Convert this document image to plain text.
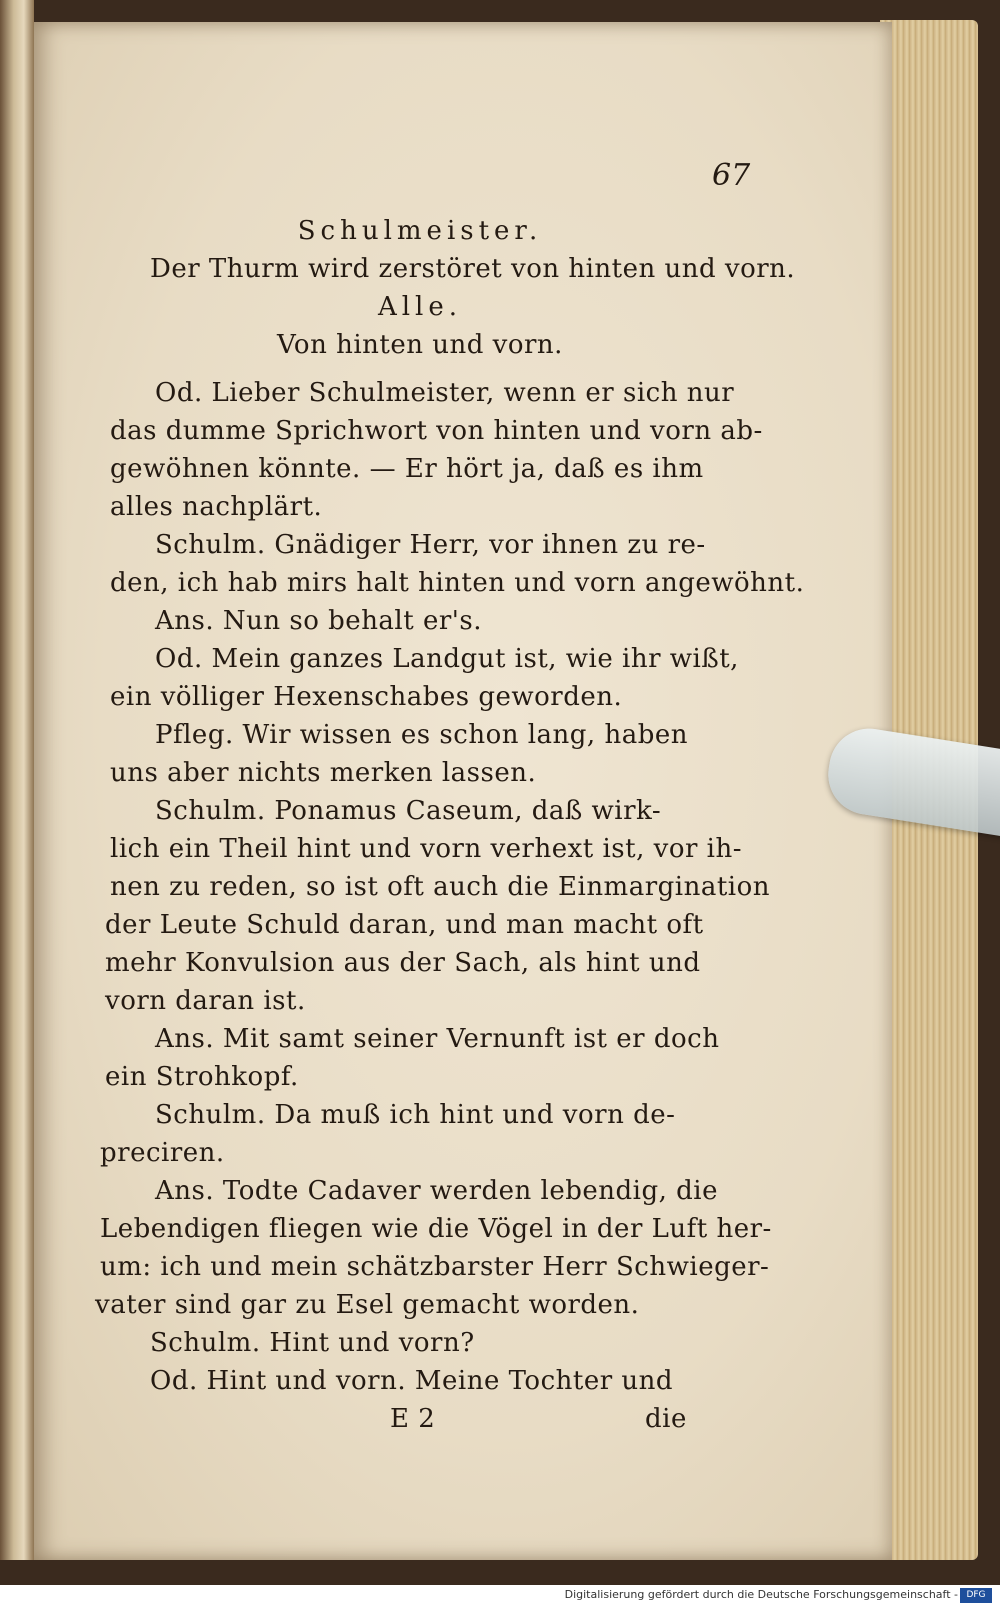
67
Schulmeister.
Der Thurm wird zerstöret von hinten und vorn.
Alle.
Von hinten und vorn.
Od. Lieber Schulmeister, wenn er sich nur
das dumme Sprichwort von hinten und vorn ab-
gewöhnen könnte. — Er hört ja, daß es ihm
alles nachplärt.
Schulm. Gnädiger Herr, vor ihnen zu re-
den, ich hab mirs halt hinten und vorn angewöhnt.
Ans. Nun so behalt er's.
Od. Mein ganzes Landgut ist, wie ihr wißt,
ein völliger Hexenschabes geworden.
Pfleg. Wir wissen es schon lang, haben
uns aber nichts merken lassen.
Schulm. Ponamus Caseum, daß wirk-
lich ein Theil hint und vorn verhext ist, vor ih-
nen zu reden, so ist oft auch die Einmargination
der Leute Schuld daran, und man macht oft
mehr Konvulsion aus der Sach, als hint und
vorn daran ist.
Ans. Mit samt seiner Vernunft ist er doch
ein Strohkopf.
Schulm. Da muß ich hint und vorn de-
preciren.
Ans. Todte Cadaver werden lebendig, die
Lebendigen fliegen wie die Vögel in der Luft her-
um: ich und mein schätzbarster Herr Schwieger-
vater sind gar zu Esel gemacht worden.
Schulm. Hint und vorn?
Od. Hint und vorn. Meine Tochter und
E 2	die
Digitalisierung gefördert durch die Deutsche Forschungsgemeinschaft - DFG
